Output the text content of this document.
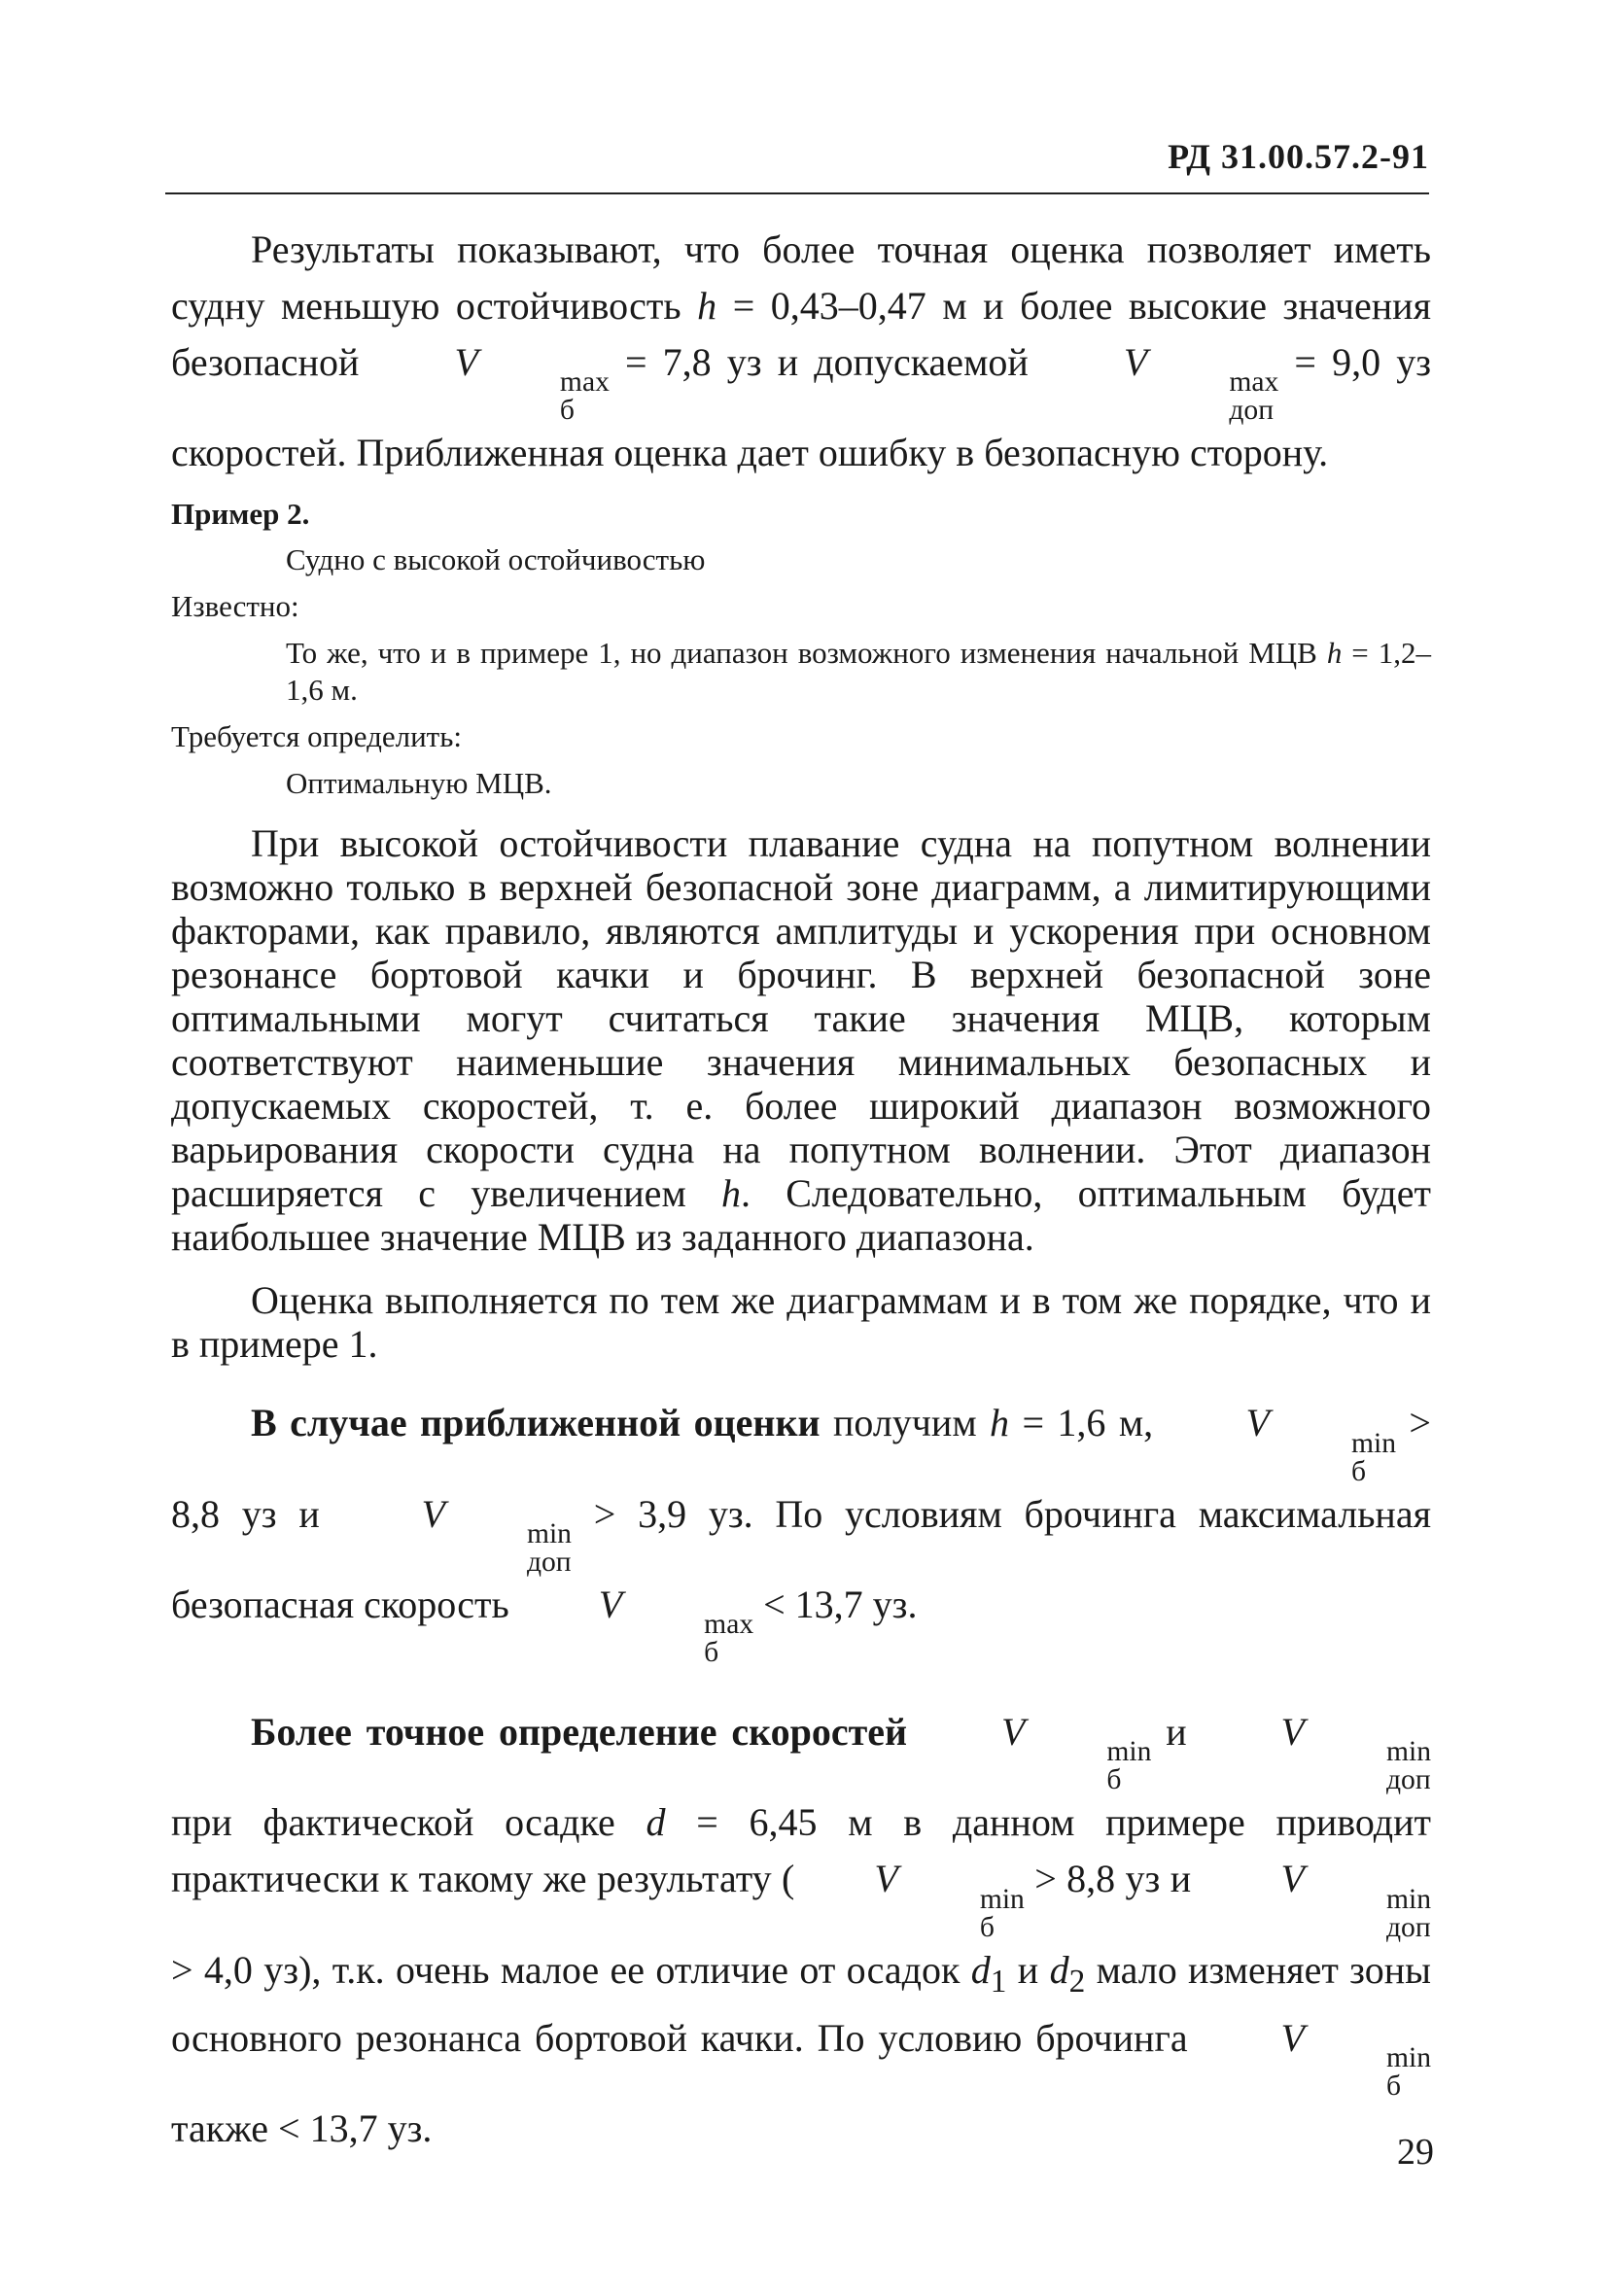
РД 31.00.57.2-91

Результаты показывают, что более точная оценка позволяет иметь судну меньшую остойчивость h = 0,43–0,47 м и более высокие значения безопасной V	max
б
= 7,8 уз и допускаемой V	max
доп
= 9,0 уз скоростей. Приближенная оценка дает ошибку в безопасную сторону.

Пример 2.

Судно с высокой остойчивостью

Известно:

То же, что и в примере 1, но диапазон возможного изменения начальной МЦВ h = 1,2–1,6 м.

Требуется определить:

Оптимальную МЦВ.

При высокой остойчивости плавание судна на попутном волнении возможно только в верхней безопасной зоне диаграмм, а лимитирующими факторами, как правило, являются амплитуды и ускорения при основном резонансе бортовой качки и брочинг. В верхней безопасной зоне оптимальными могут считаться такие значения МЦВ, которым соответствуют наименьшие значения минимальных безопасных и допускаемых скоростей, т. е. более широкий диапазон возможного варьирования скорости судна на попутном волнении. Этот диапазон расширяется с увеличением h. Следовательно, оптимальным будет наибольшее значение МЦВ из заданного диапазона.

Оценка выполняется по тем же диаграммам и в том же порядке, что и в примере 1.

В случае приближенной оценки получим h = 1,6 м, V	min
б
> 8,8 уз и V	min
доп
> 3,9 уз. По условиям брочинга максимальная безопасная скорость V	max
б
< 13,7 уз.

Более точное определение скоростей V	min
б
и V	min
доп
при фактической осадке d = 6,45 м в данном примере приводит практически к такому же результату ( V	min
б
> 8,8 уз и V	min
доп
> 4,0 уз), т.к. очень малое ее отличие от осадок $d_1$ и $d_2$ мало изменяет зоны основного резонанса бортовой качки. По условию брочинга V	min
б
также < 13,7 уз.

29
